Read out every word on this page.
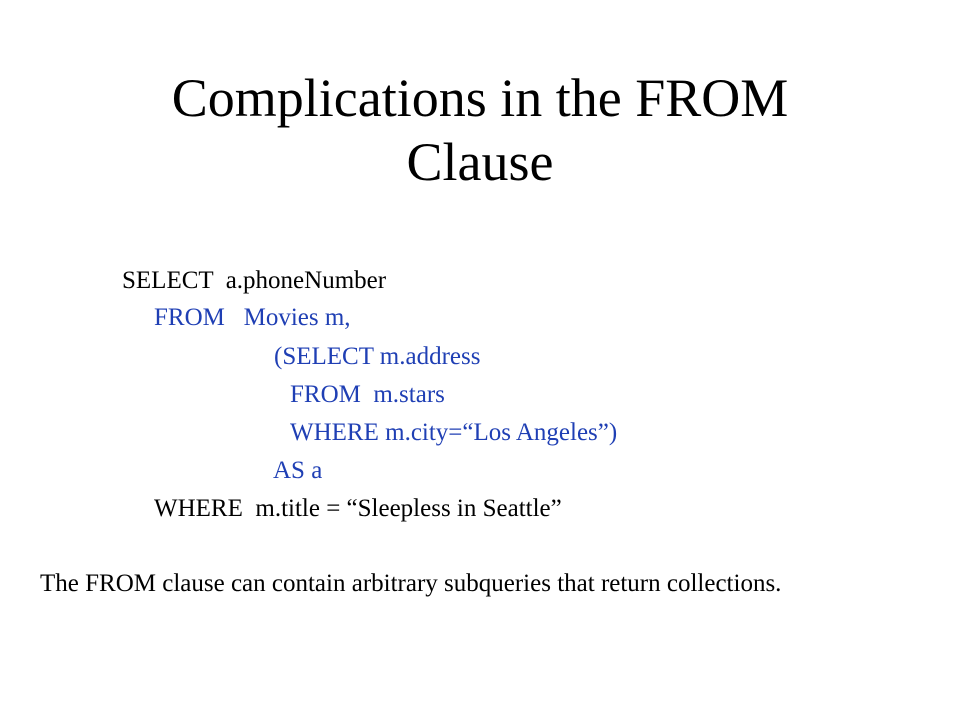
Complications in the FROM
Clause
SELECT  a.phoneNumber
FROM   Movies m,
(SELECT m.address
FROM  m.stars
WHERE m.city=“Los Angeles”)
AS a
WHERE  m.title = “Sleepless in Seattle”
The FROM clause can contain arbitrary subqueries that return collections.
